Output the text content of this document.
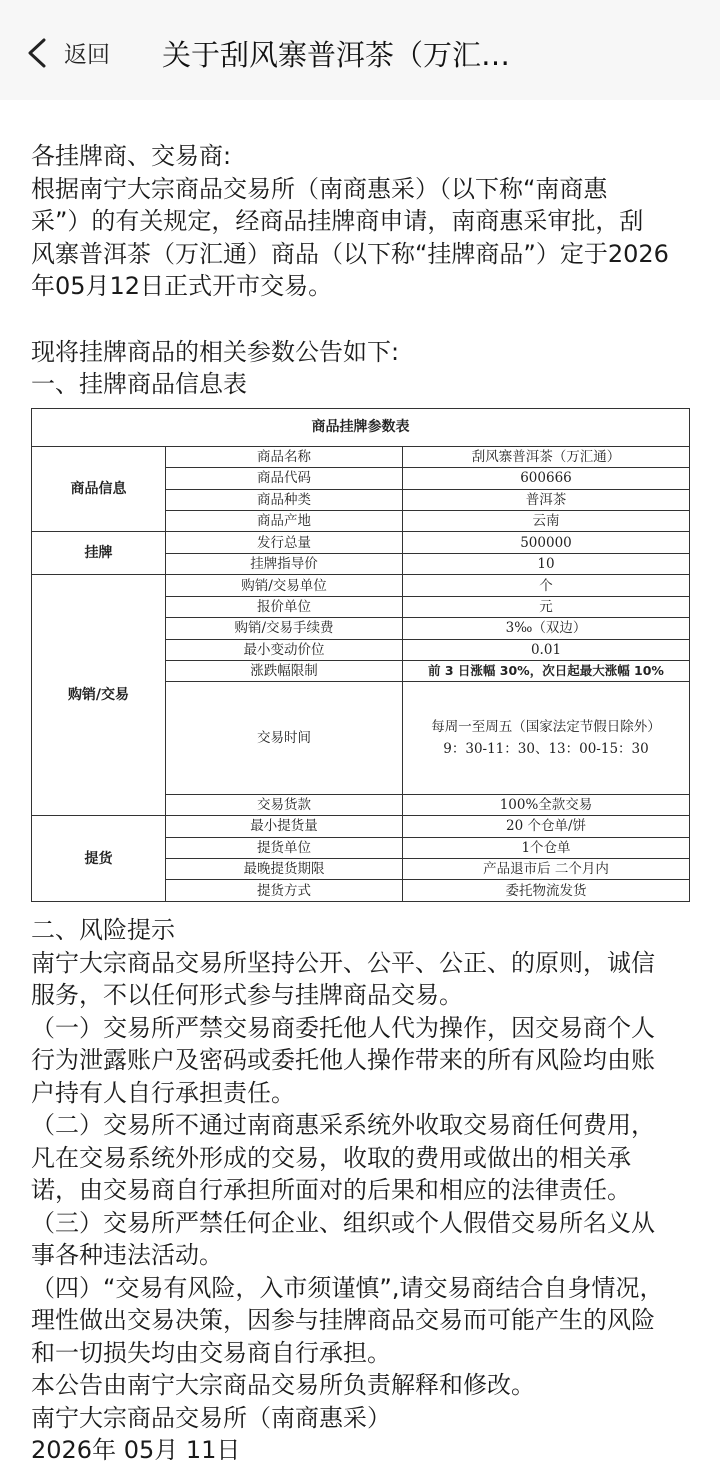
返回 关于刮风寨普洱茶（万汇…

各挂牌商、交易商:

根据南宁大宗商品交易所（南商惠采）（以下称“南商惠

采”）的有关规定，经商品挂牌商申请，南商惠采审批，刮

风寨普洱茶（万汇通）商品（以下称“挂牌商品”）定于2026

年05月12日正式开市交易。

现将挂牌商品的相关参数公告如下:

一、挂牌商品信息表

商品挂牌参数表		
商品信息	商品名称	刮风寨普洱茶（万汇通）
	商品代码	600666
	商品种类	普洱茶
	商品产地	云南
挂牌	发行总量	500000
	挂牌指导价	10
购销/交易	购销/交易单位	个
	报价单位	元
	购销/交易手续费	3‰（双边）
	最小变动价位	0.01
	涨跌幅限制	前 3 日涨幅 30%，次日起最大涨幅 10%
	交易时间	每周一至周五（国家法定节假日除外）
9：30-11：30、13：00-15：30

	交易货款	100%全款交易
提货	最小提货量	20 个仓单/饼
	提货单位	1个仓单
	最晚提货期限	产品退市后 二个月内
	提货方式	委托物流发货

二、风险提示

南宁大宗商品交易所坚持公开、公平、公正、的原则，诚信

服务，不以任何形式参与挂牌商品交易。

（一）交易所严禁交易商委托他人代为操作，因交易商个人

行为泄露账户及密码或委托他人操作带来的所有风险均由账

户持有人自行承担责任。

（二）交易所不通过南商惠采系统外收取交易商任何费用，

凡在交易系统外形成的交易，收取的费用或做出的相关承

诺，由交易商自行承担所面对的后果和相应的法律责任。

（三）交易所严禁任何企业、组织或个人假借交易所名义从

事各种违法活动。

（四）“交易有风险，入市须谨慎”,请交易商结合自身情况，

理性做出交易决策，因参与挂牌商品交易而可能产生的风险

和一切损失均由交易商自行承担。

本公告由南宁大宗商品交易所负责解释和修改。

南宁大宗商品交易所（南商惠采）

2026年 05月 11日
